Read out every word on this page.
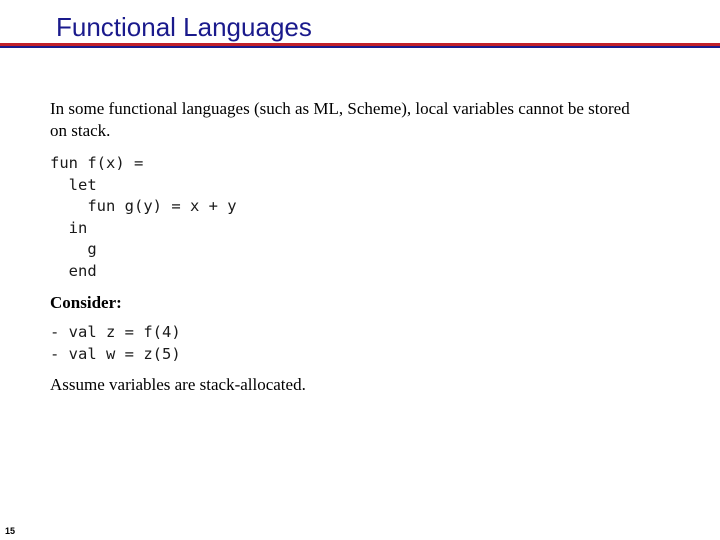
Functional Languages
In some functional languages (such as ML, Scheme), local variables cannot be stored
on stack.
fun f(x) =
let
fun g(y) = x + y
in
g
end
Consider:
- val z = f(4)
- val w = z(5)
Assume variables are stack-allocated.
15
